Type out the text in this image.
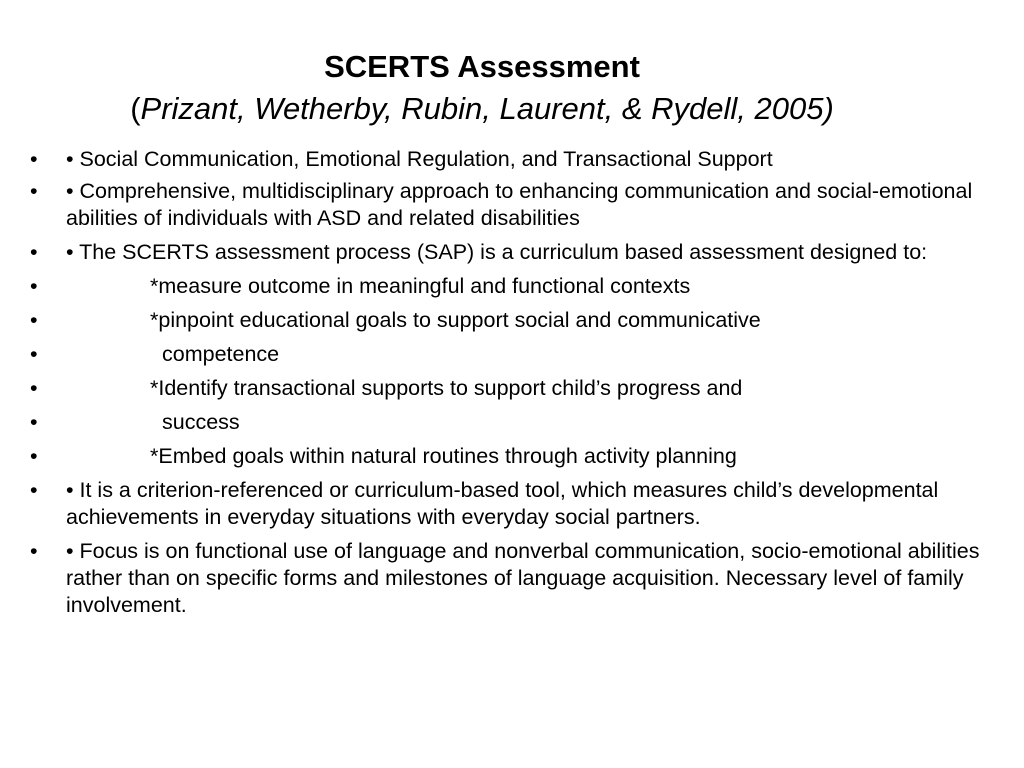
SCERTS Assessment
(Prizant, Wetherby, Rubin, Laurent, & Rydell, 2005)
• • Social Communication, Emotional Regulation, and Transactional Support
• • Comprehensive, multidisciplinary approach to enhancing communication and social-emotional abilities of individuals with ASD and related disabilities
• • The SCERTS assessment process (SAP) is a curriculum based assessment designed to:
•	*measure outcome in meaningful and functional contexts
•	*pinpoint educational goals to support social and communicative
•	competence
•	*Identify transactional supports to support child’s progress and
•	success
•	*Embed goals within natural routines through activity planning
• • It is a criterion-referenced or curriculum-based tool, which measures child’s developmental achievements in everyday situations with everyday social partners.
• • Focus is on functional use of language and nonverbal communication, socio-emotional abilities rather than on specific forms and milestones of language acquisition. Necessary level of family involvement.
